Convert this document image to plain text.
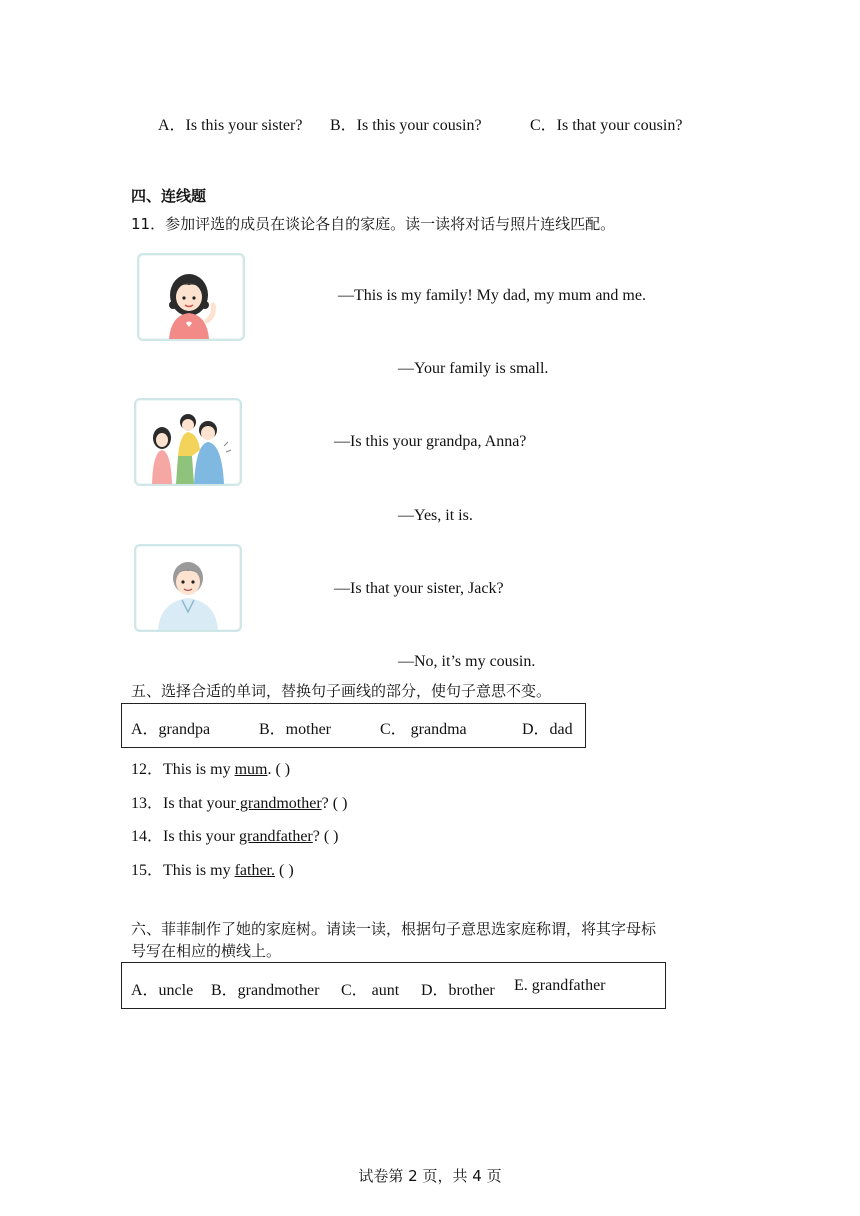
A．Is this your sister? B．Is this your cousin?	C．Is that your cousin?
四、连线题
11．参加评选的成员在谈论各自的家庭。读一读将对话与照片连线匹配。
—This is my family! My dad, my mum and me.
—Your family is small.
—Is this your grandpa, Anna?
—Yes, it is.
—Is that your sister, Jack?
—No, it’s my cousin.
五、选择合适的单词，替换句子画线的部分，使句子意思不变。
A．grandpa	B．mother	C． grandma	D．dad
12．This is my mum. ( )
13．Is that your grandmother? ( )
14．Is this your grandfather? ( )
15．This is my father. ( )
六、菲菲制作了她的家庭树。请读一读，根据句子意思选家庭称谓，将其字母标
号写在相应的横线上。
A．uncle B．grandmother C． aunt D．brother E. grandfather
试卷第 2 页，共 4 页
